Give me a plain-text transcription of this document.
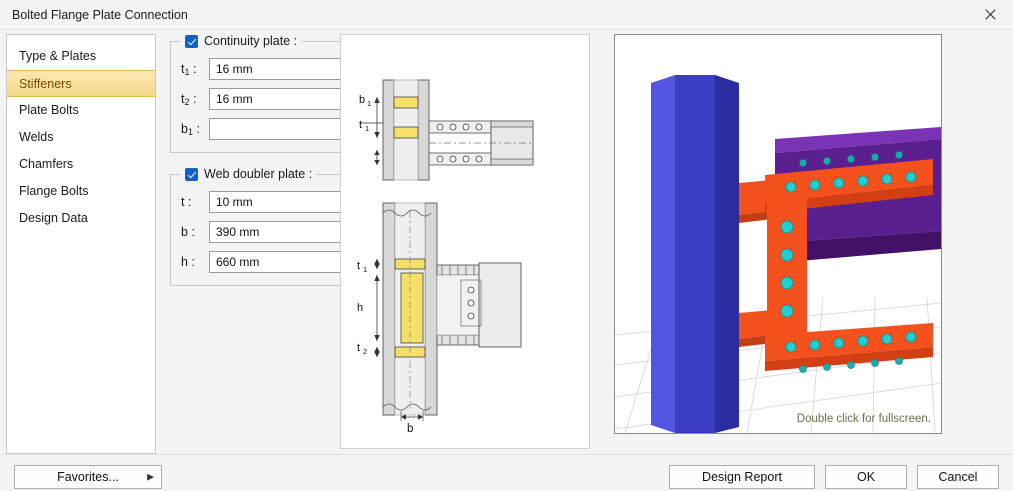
Bolted Flange Plate Connection
Type & Plates
Stiffeners
Plate Bolts
Welds
Chamfers
Flange Bolts
Design Data
Continuity plate :
$t_1$ :
16 mm
$t_2$ :
16 mm
$b_1$ :
Web doubler plate :
t :
10 mm
b :
390 mm
h :
660 mm
b 1
t 1
t 1
h
t 2
b
Double click for fullscreen.
Favorites...	▶	Design Report	OK	Cancel
